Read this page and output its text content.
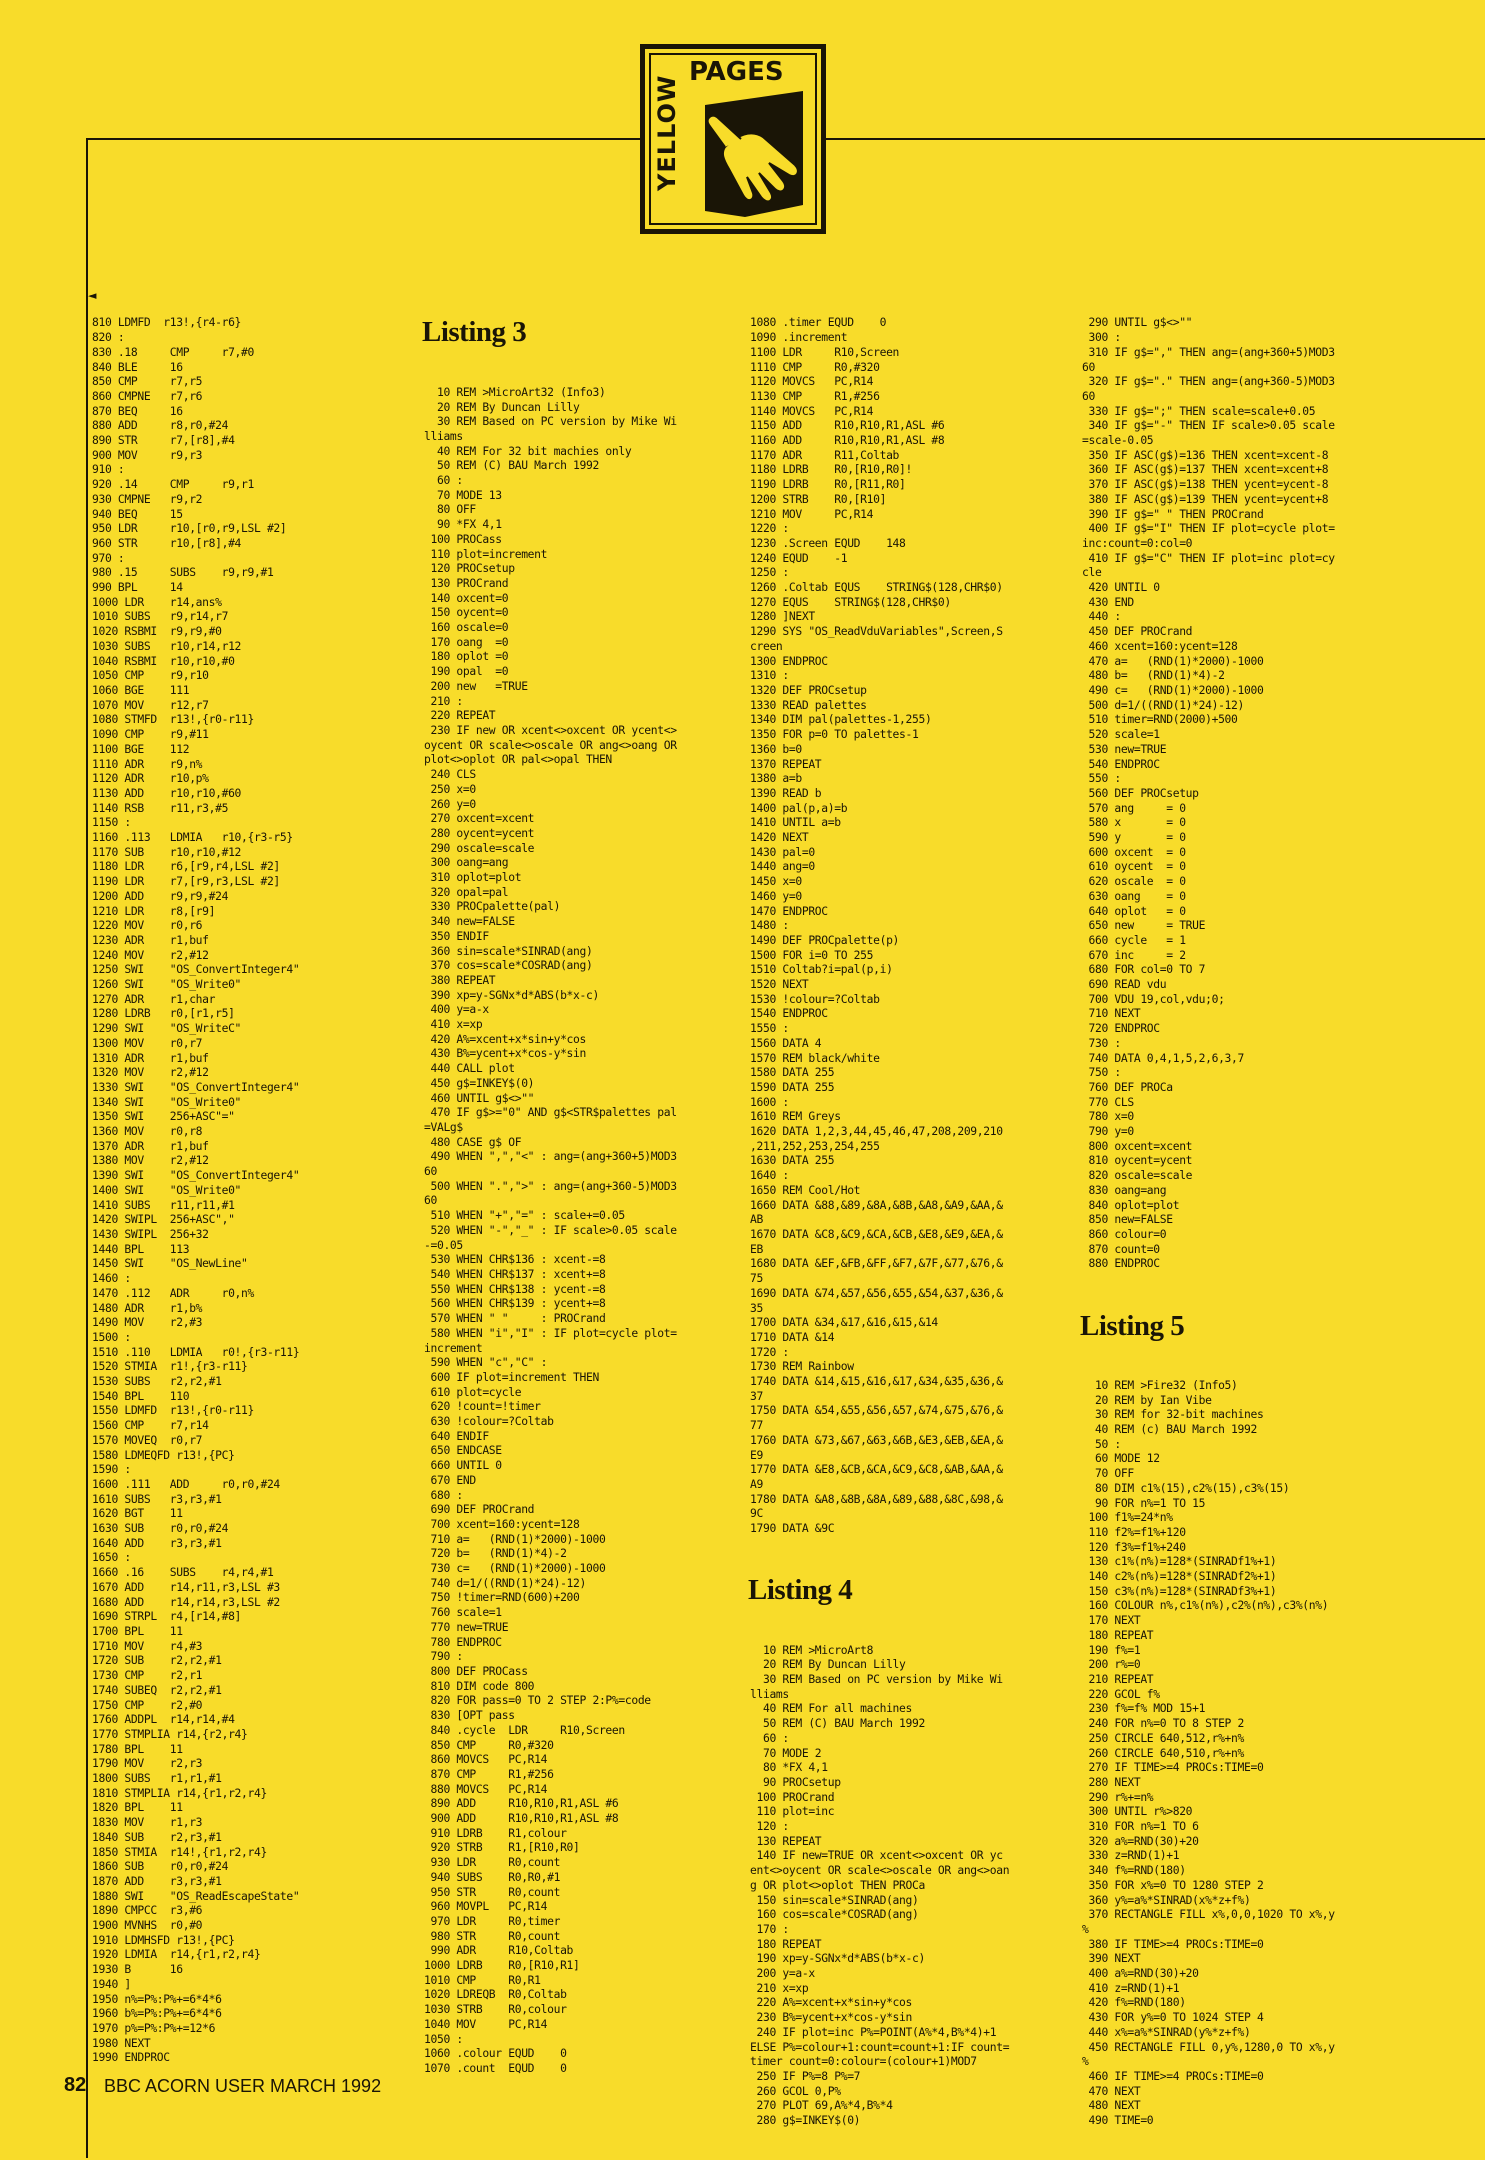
PAGES
YELLOW
◄

810 LDMFD  r13!,{r4-r6}
820 :
830 .18     CMP     r7,#0
840 BLE     16
850 CMP     r7,r5
860 CMPNE   r7,r6
870 BEQ     16
880 ADD     r8,r0,#24
890 STR     r7,[r8],#4
900 MOV     r9,r3
910 :
920 .14     CMP     r9,r1
930 CMPNE   r9,r2
940 BEQ     15
950 LDR     r10,[r0,r9,LSL #2]
960 STR     r10,[r8],#4
970 :
980 .15     SUBS    r9,r9,#1
990 BPL     14
1000 LDR    r14,ans%
1010 SUBS   r9,r14,r7
1020 RSBMI  r9,r9,#0
1030 SUBS   r10,r14,r12
1040 RSBMI  r10,r10,#0
1050 CMP    r9,r10
1060 BGE    111
1070 MOV    r12,r7
1080 STMFD  r13!,{r0-r11}
1090 CMP    r9,#11
1100 BGE    112
1110 ADR    r9,n%
1120 ADR    r10,p%
1130 ADD    r10,r10,#60
1140 RSB    r11,r3,#5
1150 :
1160 .113   LDMIA   r10,{r3-r5}
1170 SUB    r10,r10,#12
1180 LDR    r6,[r9,r4,LSL #2]
1190 LDR    r7,[r9,r3,LSL #2]
1200 ADD    r9,r9,#24
1210 LDR    r8,[r9]
1220 MOV    r0,r6
1230 ADR    r1,buf
1240 MOV    r2,#12
1250 SWI    "OS_ConvertInteger4"
1260 SWI    "OS_Write0"
1270 ADR    r1,char
1280 LDRB   r0,[r1,r5]
1290 SWI    "OS_WriteC"
1300 MOV    r0,r7
1310 ADR    r1,buf
1320 MOV    r2,#12
1330 SWI    "OS_ConvertInteger4"
1340 SWI    "OS_Write0"
1350 SWI    256+ASC"="
1360 MOV    r0,r8
1370 ADR    r1,buf
1380 MOV    r2,#12
1390 SWI    "OS_ConvertInteger4"
1400 SWI    "OS_Write0"
1410 SUBS   r11,r11,#1
1420 SWIPL  256+ASC","
1430 SWIPL  256+32
1440 BPL    113
1450 SWI    "OS_NewLine"
1460 :
1470 .112   ADR     r0,n%
1480 ADR    r1,b%
1490 MOV    r2,#3
1500 :
1510 .110   LDMIA   r0!,{r3-r11}
1520 STMIA  r1!,{r3-r11}
1530 SUBS   r2,r2,#1
1540 BPL    110
1550 LDMFD  r13!,{r0-r11}
1560 CMP    r7,r14
1570 MOVEQ  r0,r7
1580 LDMEQFD r13!,{PC}
1590 :
1600 .111   ADD     r0,r0,#24
1610 SUBS   r3,r3,#1
1620 BGT    11
1630 SUB    r0,r0,#24
1640 ADD    r3,r3,#1
1650 :
1660 .16    SUBS    r4,r4,#1
1670 ADD    r14,r11,r3,LSL #3
1680 ADD    r14,r14,r3,LSL #2
1690 STRPL  r4,[r14,#8]
1700 BPL    11
1710 MOV    r4,#3
1720 SUB    r2,r2,#1
1730 CMP    r2,r1
1740 SUBEQ  r2,r2,#1
1750 CMP    r2,#0
1760 ADDPL  r14,r14,#4
1770 STMPLIA r14,{r2,r4}
1780 BPL    11
1790 MOV    r2,r3
1800 SUBS   r1,r1,#1
1810 STMPLIA r14,{r1,r2,r4}
1820 BPL    11
1830 MOV    r1,r3
1840 SUB    r2,r3,#1
1850 STMIA  r14!,{r1,r2,r4}
1860 SUB    r0,r0,#24
1870 ADD    r3,r3,#1
1880 SWI    "OS_ReadEscapeState"
1890 CMPCC  r3,#6
1900 MVNHS  r0,#0
1910 LDMHSFD r13!,{PC}
1920 LDMIA  r14,{r1,r2,r4}
1930 B      16
1940 ]
1950 n%=P%:P%+=6*4*6
1960 b%=P%:P%+=6*4*6
1970 p%=P%:P%+=12*6
1980 NEXT
1990 ENDPROC

Listing 3

10 REM >MicroArt32 (Info3)
20 REM By Duncan Lilly
30 REM Based on PC version by Mike Wi
lliams
40 REM For 32 bit machies only
50 REM (C) BAU March 1992
60 :
70 MODE 13
80 OFF
90 *FX 4,1
100 PROCass
110 plot=increment
120 PROCsetup
130 PROCrand
140 oxcent=0
150 oycent=0
160 oscale=0
170 oang  =0
180 oplot =0
190 opal  =0
200 new   =TRUE
210 :
220 REPEAT
230 IF new OR xcent<>oxcent OR ycent<>
oycent OR scale<>oscale OR ang<>oang OR
plot<>oplot OR pal<>opal THEN
240 CLS
250 x=0
260 y=0
270 oxcent=xcent
280 oycent=ycent
290 oscale=scale
300 oang=ang
310 oplot=plot
320 opal=pal
330 PROCpalette(pal)
340 new=FALSE
350 ENDIF
360 sin=scale*SINRAD(ang)
370 cos=scale*COSRAD(ang)
380 REPEAT
390 xp=y-SGNx*d*ABS(b*x-c)
400 y=a-x
410 x=xp
420 A%=xcent+x*sin+y*cos
430 B%=ycent+x*cos-y*sin
440 CALL plot
450 g$=INKEY$(0)
460 UNTIL g$<>""
470 IF g$>="0" AND g$<STR$palettes pal
=VALg$
480 CASE g$ OF
490 WHEN ",","<" : ang=(ang+360+5)MOD3
60
500 WHEN ".",">" : ang=(ang+360-5)MOD3
60
510 WHEN "+","=" : scale+=0.05
520 WHEN "-","_" : IF scale>0.05 scale
-=0.05
530 WHEN CHR$136 : xcent-=8
540 WHEN CHR$137 : xcent+=8
550 WHEN CHR$138 : ycent-=8
560 WHEN CHR$139 : ycent+=8
570 WHEN " "     : PROCrand
580 WHEN "i","I" : IF plot=cycle plot=
increment
590 WHEN "c","C" :
600 IF plot=increment THEN
610 plot=cycle
620 !count=!timer
630 !colour=?Coltab
640 ENDIF
650 ENDCASE
660 UNTIL 0
670 END
680 :
690 DEF PROCrand
700 xcent=160:ycent=128
710 a=   (RND(1)*2000)-1000
720 b=   (RND(1)*4)-2
730 c=   (RND(1)*2000)-1000
740 d=1/((RND(1)*24)-12)
750 !timer=RND(600)+200
760 scale=1
770 new=TRUE
780 ENDPROC
790 :
800 DEF PROCass
810 DIM code 800
820 FOR pass=0 TO 2 STEP 2:P%=code
830 [OPT pass
840 .cycle  LDR     R10,Screen
850 CMP     R0,#320
860 MOVCS   PC,R14
870 CMP     R1,#256
880 MOVCS   PC,R14
890 ADD     R10,R10,R1,ASL #6
900 ADD     R10,R10,R1,ASL #8
910 LDRB    R1,colour
920 STRB    R1,[R10,R0]
930 LDR     R0,count
940 SUBS    R0,R0,#1
950 STR     R0,count
960 MOVPL   PC,R14
970 LDR     R0,timer
980 STR     R0,count
990 ADR     R10,Coltab
1000 LDRB    R0,[R10,R1]
1010 CMP     R0,R1
1020 LDREQB  R0,Coltab
1030 STRB    R0,colour
1040 MOV     PC,R14
1050 :
1060 .colour EQUD    0
1070 .count  EQUD    0

1080 .timer EQUD    0
1090 .increment
1100 LDR     R10,Screen
1110 CMP     R0,#320
1120 MOVCS   PC,R14
1130 CMP     R1,#256
1140 MOVCS   PC,R14
1150 ADD     R10,R10,R1,ASL #6
1160 ADD     R10,R10,R1,ASL #8
1170 ADR     R11,Coltab
1180 LDRB    R0,[R10,R0]!
1190 LDRB    R0,[R11,R0]
1200 STRB    R0,[R10]
1210 MOV     PC,R14
1220 :
1230 .Screen EQUD    148
1240 EQUD    -1
1250 :
1260 .Coltab EQUS    STRING$(128,CHR$0)
1270 EQUS    STRING$(128,CHR$0)
1280 ]NEXT
1290 SYS "OS_ReadVduVariables",Screen,S
creen
1300 ENDPROC
1310 :
1320 DEF PROCsetup
1330 READ palettes
1340 DIM pal(palettes-1,255)
1350 FOR p=0 TO palettes-1
1360 b=0
1370 REPEAT
1380 a=b
1390 READ b
1400 pal(p,a)=b
1410 UNTIL a=b
1420 NEXT
1430 pal=0
1440 ang=0
1450 x=0
1460 y=0
1470 ENDPROC
1480 :
1490 DEF PROCpalette(p)
1500 FOR i=0 TO 255
1510 Coltab?i=pal(p,i)
1520 NEXT
1530 !colour=?Coltab
1540 ENDPROC
1550 :
1560 DATA 4
1570 REM black/white
1580 DATA 255
1590 DATA 255
1600 :
1610 REM Greys
1620 DATA 1,2,3,44,45,46,47,208,209,210
,211,252,253,254,255
1630 DATA 255
1640 :
1650 REM Cool/Hot
1660 DATA &88,&89,&8A,&8B,&A8,&A9,&AA,&
AB
1670 DATA &C8,&C9,&CA,&CB,&E8,&E9,&EA,&
EB
1680 DATA &EF,&FB,&FF,&F7,&7F,&77,&76,&
75
1690 DATA &74,&57,&56,&55,&54,&37,&36,&
35
1700 DATA &34,&17,&16,&15,&14
1710 DATA &14
1720 :
1730 REM Rainbow
1740 DATA &14,&15,&16,&17,&34,&35,&36,&
37
1750 DATA &54,&55,&56,&57,&74,&75,&76,&
77
1760 DATA &73,&67,&63,&6B,&E3,&EB,&EA,&
E9
1770 DATA &E8,&CB,&CA,&C9,&C8,&AB,&AA,&
A9
1780 DATA &A8,&8B,&8A,&89,&88,&8C,&98,&
9C
1790 DATA &9C

Listing 4

10 REM >MicroArt8
20 REM By Duncan Lilly
30 REM Based on PC version by Mike Wi
lliams
40 REM For all machines
50 REM (C) BAU March 1992
60 :
70 MODE 2
80 *FX 4,1
90 PROCsetup
100 PROCrand
110 plot=inc
120 :
130 REPEAT
140 IF new=TRUE OR xcent<>oxcent OR yc
ent<>oycent OR scale<>oscale OR ang<>oan
g OR plot<>oplot THEN PROCa
150 sin=scale*SINRAD(ang)
160 cos=scale*COSRAD(ang)
170 :
180 REPEAT
190 xp=y-SGNx*d*ABS(b*x-c)
200 y=a-x
210 x=xp
220 A%=xcent+x*sin+y*cos
230 B%=ycent+x*cos-y*sin
240 IF plot=inc P%=POINT(A%*4,B%*4)+1
ELSE P%=colour+1:count=count+1:IF count=
timer count=0:colour=(colour+1)MOD7
250 IF P%=8 P%=7
260 GCOL 0,P%
270 PLOT 69,A%*4,B%*4
280 g$=INKEY$(0)

290 UNTIL g$<>""
300 :
310 IF g$="," THEN ang=(ang+360+5)MOD3
60
320 IF g$="." THEN ang=(ang+360-5)MOD3
60
330 IF g$=";" THEN scale=scale+0.05
340 IF g$="-" THEN IF scale>0.05 scale
=scale-0.05
350 IF ASC(g$)=136 THEN xcent=xcent-8
360 IF ASC(g$)=137 THEN xcent=xcent+8
370 IF ASC(g$)=138 THEN ycent=ycent-8
380 IF ASC(g$)=139 THEN ycent=ycent+8
390 IF g$=" " THEN PROCrand
400 IF g$="I" THEN IF plot=cycle plot=
inc:count=0:col=0
410 IF g$="C" THEN IF plot=inc plot=cy
cle
420 UNTIL 0
430 END
440 :
450 DEF PROCrand
460 xcent=160:ycent=128
470 a=   (RND(1)*2000)-1000
480 b=   (RND(1)*4)-2
490 c=   (RND(1)*2000)-1000
500 d=1/((RND(1)*24)-12)
510 timer=RND(2000)+500
520 scale=1
530 new=TRUE
540 ENDPROC
550 :
560 DEF PROCsetup
570 ang     = 0
580 x       = 0
590 y       = 0
600 oxcent  = 0
610 oycent  = 0
620 oscale  = 0
630 oang    = 0
640 oplot   = 0
650 new     = TRUE
660 cycle   = 1
670 inc     = 2
680 FOR col=0 TO 7
690 READ vdu
700 VDU 19,col,vdu;0;
710 NEXT
720 ENDPROC
730 :
740 DATA 0,4,1,5,2,6,3,7
750 :
760 DEF PROCa
770 CLS
780 x=0
790 y=0
800 oxcent=xcent
810 oycent=ycent
820 oscale=scale
830 oang=ang
840 oplot=plot
850 new=FALSE
860 colour=0
870 count=0
880 ENDPROC

Listing 5

10 REM >Fire32 (Info5)
20 REM by Ian Vibe
30 REM for 32-bit machines
40 REM (c) BAU March 1992
50 :
60 MODE 12
70 OFF
80 DIM c1%(15),c2%(15),c3%(15)
90 FOR n%=1 TO 15
100 f1%=24*n%
110 f2%=f1%+120
120 f3%=f1%+240
130 c1%(n%)=128*(SINRADf1%+1)
140 c2%(n%)=128*(SINRADf2%+1)
150 c3%(n%)=128*(SINRADf3%+1)
160 COLOUR n%,c1%(n%),c2%(n%),c3%(n%)
170 NEXT
180 REPEAT
190 f%=1
200 r%=0
210 REPEAT
220 GCOL f%
230 f%=f% MOD 15+1
240 FOR n%=0 TO 8 STEP 2
250 CIRCLE 640,512,r%+n%
260 CIRCLE 640,510,r%+n%
270 IF TIME>=4 PROCs:TIME=0
280 NEXT
290 r%+=n%
300 UNTIL r%>820
310 FOR n%=1 TO 6
320 a%=RND(30)+20
330 z=RND(1)+1
340 f%=RND(180)
350 FOR x%=0 TO 1280 STEP 2
360 y%=a%*SINRAD(x%*z+f%)
370 RECTANGLE FILL x%,0,0,1020 TO x%,y
%
380 IF TIME>=4 PROCs:TIME=0
390 NEXT
400 a%=RND(30)+20
410 z=RND(1)+1
420 f%=RND(180)
430 FOR y%=0 TO 1024 STEP 4
440 x%=a%*SINRAD(y%*z+f%)
450 RECTANGLE FILL 0,y%,1280,0 TO x%,y
%
460 IF TIME>=4 PROCs:TIME=0
470 NEXT
480 NEXT
490 TIME=0

82 BBC ACORN USER MARCH 1992
